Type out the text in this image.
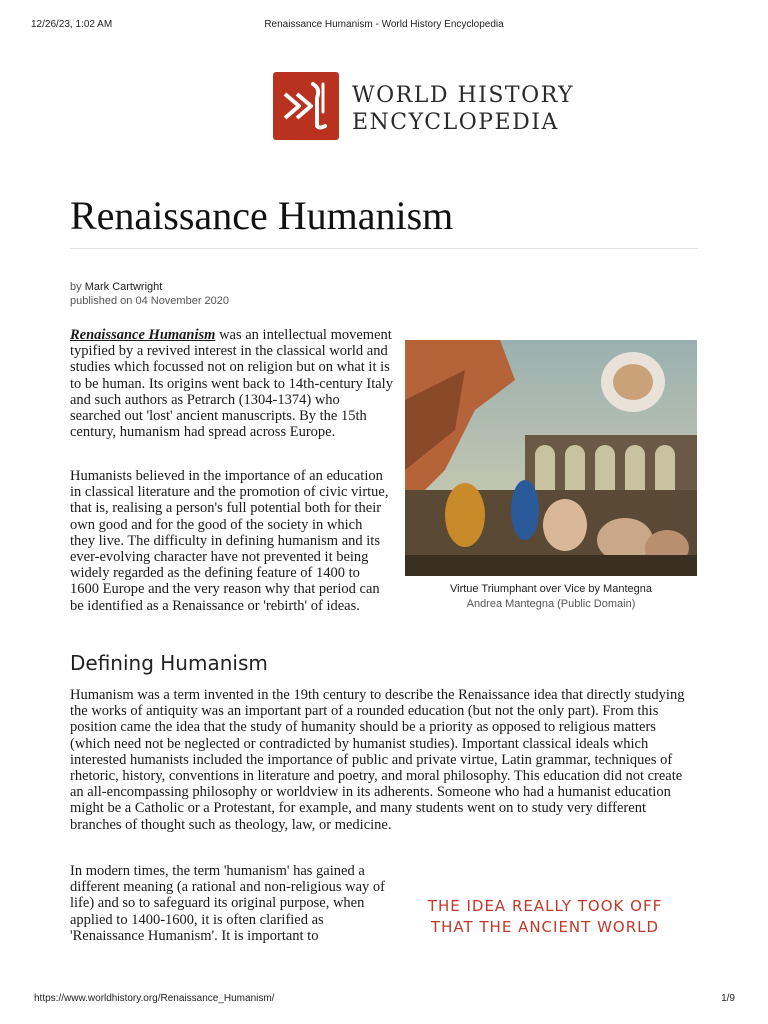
12/26/23, 1:02 AM	Renaissance Humanism - World History Encyclopedia
WORLD HISTORY
ENCYCLOPEDIA
Renaissance Humanism
by Mark Cartwright
published on 04 November 2020

Renaissance Humanism was an intellectual movement typified by a revived interest in the classical world and studies which focussed not on religion but on what it is to be human. Its origins went back to 14th-century Italy and such authors as Petrarch (1304-1374) who searched out 'lost' ancient manuscripts. By the 15th century, humanism had spread across Europe.

Humanists believed in the importance of an education in classical literature and the promotion of civic virtue, that is, realising a person's full potential both for their own good and for the good of the society in which they live. The difficulty in defining humanism and its ever-evolving character have not prevented it being widely regarded as the defining feature of 1400 to 1600 Europe and the very reason why that period can be identified as a Renaissance or 'rebirth' of ideas.

Virtue Triumphant over Vice by Mantegna
Andrea Mantegna (Public Domain)
Defining Humanism

Humanism was a term invented in the 19th century to describe the Renaissance idea that directly studying the works of antiquity was an important part of a rounded education (but not the only part). From this position came the idea that the study of humanity should be a priority as opposed to religious matters (which need not be neglected or contradicted by humanist studies). Important classical ideals which interested humanists included the importance of public and private virtue, Latin grammar, techniques of rhetoric, history, conventions in literature and poetry, and moral philosophy. This education did not create an all-encompassing philosophy or worldview in its adherents. Someone who had a humanist education might be a Catholic or a Protestant, for example, and many students went on to study very different branches of thought such as theology, law, or medicine.

In modern times, the term 'humanism' has gained a different meaning (a rational and non-religious way of life) and so to safeguard its original purpose, when applied to 1400-1600, it is often clarified as 'Renaissance Humanism'. It is important to

THE IDEA REALLY TOOK OFF
THAT THE ANCIENT WORLD
https://www.worldhistory.org/Renaissance_Humanism/	1/9
